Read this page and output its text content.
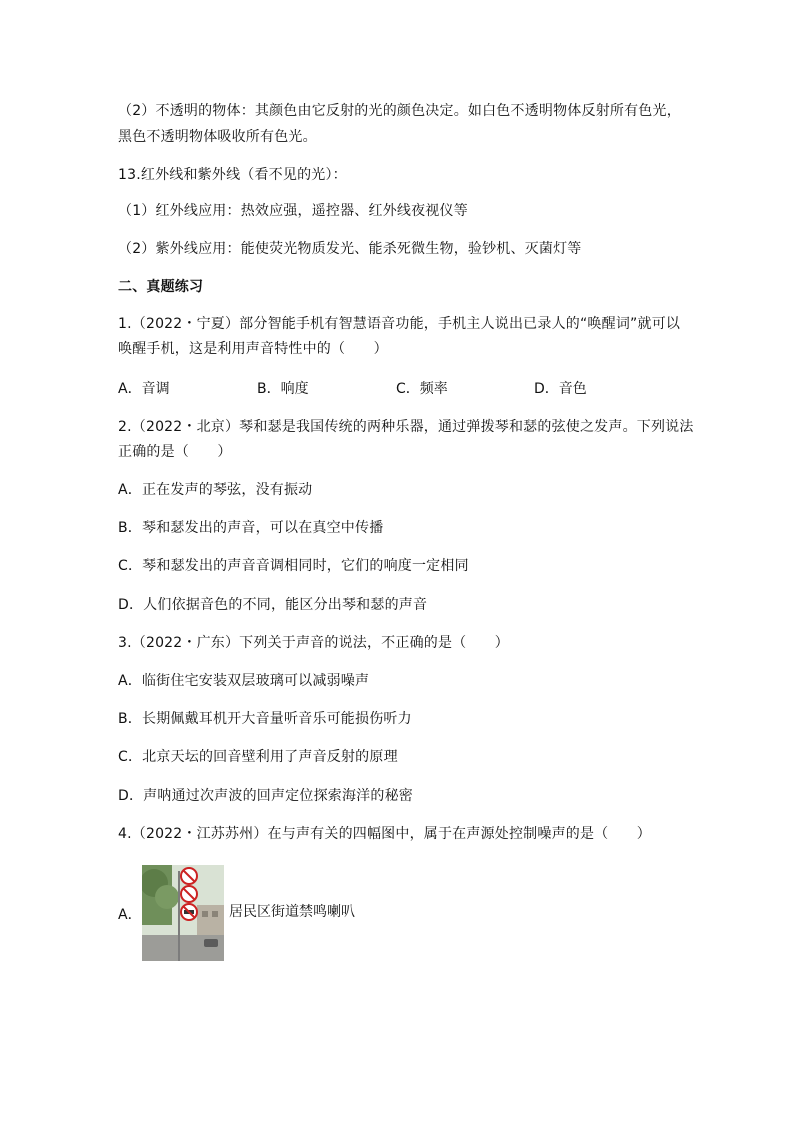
（2）不透明的物体：其颜色由它反射的光的颜色决定。如白色不透明物体反射所有色光，
黑色不透明物体吸收所有色光。
13.红外线和紫外线（看不见的光）：
（1）红外线应用：热效应强，遥控器、红外线夜视仪等
（2）紫外线应用：能使荧光物质发光、能杀死微生物，验钞机、灭菌灯等
二、真题练习
1.（2022・宁夏）部分智能手机有智慧语音功能，手机主人说出已录人的“唤醒词”就可以
唤醒手机，这是利用声音特性中的（　　）
A．音调	B．响度	C．频率	D．音色
2.（2022・北京）琴和瑟是我国传统的两种乐器，通过弹拨琴和瑟的弦使之发声。下列说法
正确的是（　　）
A．正在发声的琴弦，没有振动
B．琴和瑟发出的声音，可以在真空中传播
C．琴和瑟发出的声音音调相同时，它们的响度一定相同
D．人们依据音色的不同，能区分出琴和瑟的声音
3.（2022・广东）下列关于声音的说法，不正确的是（　　）
A．临街住宅安装双层玻璃可以减弱噪声
B．长期佩戴耳机开大音量听音乐可能损伤听力
C．北京天坛的回音壁利用了声音反射的原理
D．声呐通过次声波的回声定位探索海洋的秘密
4.（2022・江苏苏州）在与声有关的四幅图中，属于在声源处控制噪声的是（　　）
A．	居民区街道禁鸣喇叭
